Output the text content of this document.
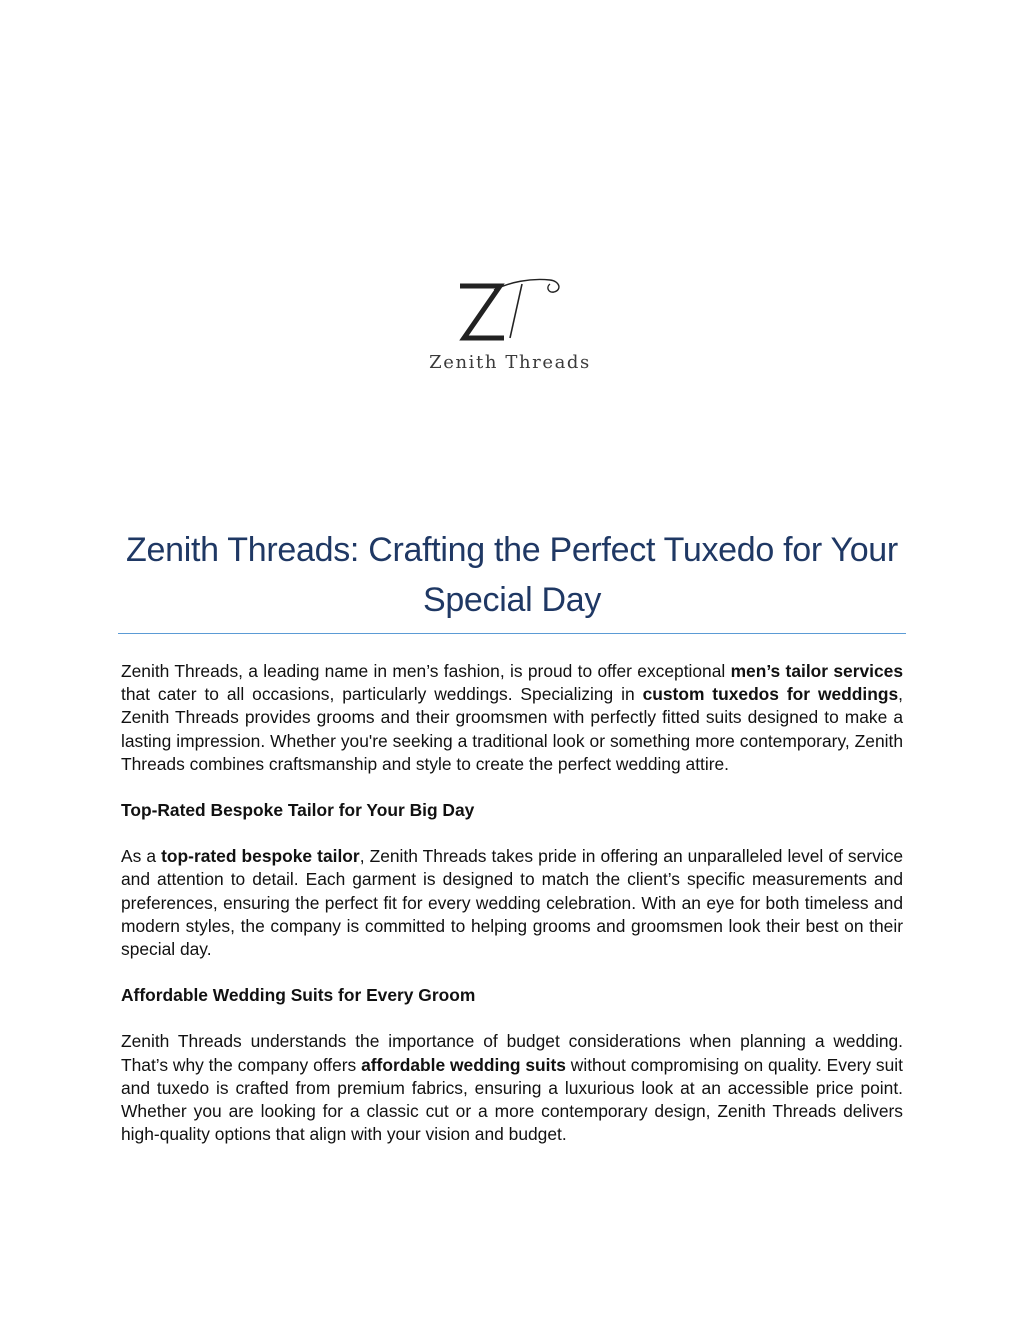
Zenith Threads
Zenith Threads: Crafting the Perfect Tuxedo for Your Special Day

Zenith Threads, a leading name in men’s fashion, is proud to offer exceptional men’s tailor services that cater to all occasions, particularly weddings. Specializing in custom tuxedos for weddings, Zenith Threads provides grooms and their groomsmen with perfectly fitted suits designed to make a lasting impression. Whether you're seeking a traditional look or something more contemporary, Zenith Threads combines craftsmanship and style to create the perfect wedding attire.

Top-Rated Bespoke Tailor for Your Big Day

As a top-rated bespoke tailor, Zenith Threads takes pride in offering an unparalleled level of service and attention to detail. Each garment is designed to match the client’s specific measurements and preferences, ensuring the perfect fit for every wedding celebration. With an eye for both timeless and modern styles, the company is committed to helping grooms and groomsmen look their best on their special day.

Affordable Wedding Suits for Every Groom

Zenith Threads understands the importance of budget considerations when planning a wedding. That’s why the company offers affordable wedding suits without compromising on quality. Every suit and tuxedo is crafted from premium fabrics, ensuring a luxurious look at an accessible price point. Whether you are looking for a classic cut or a more contemporary design, Zenith Threads delivers high-quality options that align with your vision and budget.
